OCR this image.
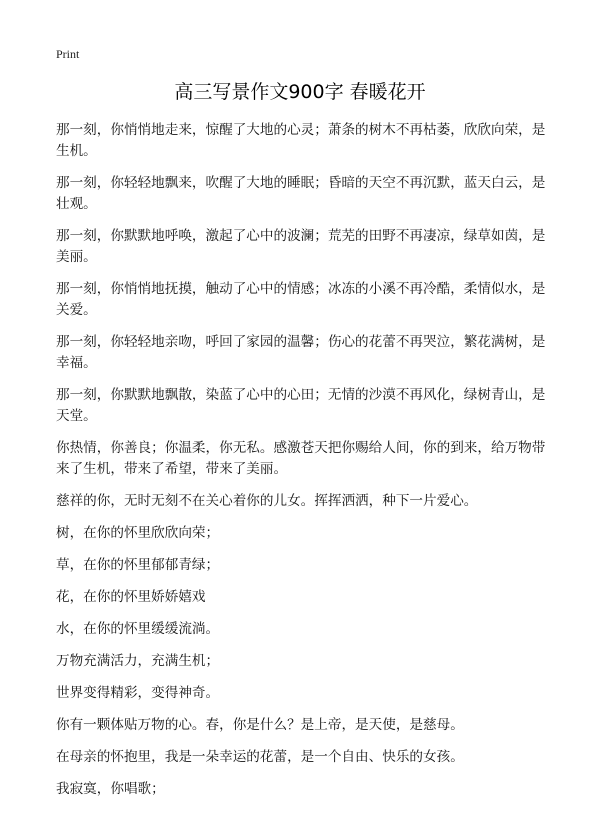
Print
高三写景作文900字 春暖花开

那一刻，你悄悄地走来，惊醒了大地的心灵；萧条的树木不再枯萎，欣欣向荣，是生机。

那一刻，你轻轻地飘来，吹醒了大地的睡眠；昏暗的天空不再沉默，蓝天白云，是壮观。

那一刻，你默默地呼唤，激起了心中的波澜；荒芜的田野不再凄凉，绿草如茵，是美丽。

那一刻，你悄悄地抚摸，触动了心中的情感；冰冻的小溪不再冷酷，柔情似水，是关爱。

那一刻，你轻轻地亲吻，呼回了家园的温馨；伤心的花蕾不再哭泣，繁花满树，是幸福。

那一刻，你默默地飘散，染蓝了心中的心田；无情的沙漠不再风化，绿树青山，是天堂。

你热情，你善良；你温柔，你无私。感激苍天把你赐给人间，你的到来，给万物带来了生机，带来了希望，带来了美丽。

慈祥的你，无时无刻不在关心着你的儿女。挥挥洒洒，种下一片爱心。

树，在你的怀里欣欣向荣；

草，在你的怀里郁郁青绿；

花，在你的怀里娇娇嬉戏

水，在你的怀里缓缓流淌。

万物充满活力，充满生机；

世界变得精彩，变得神奇。

你有一颗体贴万物的心。春，你是什么？是上帝，是天使，是慈母。

在母亲的怀抱里，我是一朵幸运的花蕾，是一个自由、快乐的女孩。

我寂寞，你唱歌；
